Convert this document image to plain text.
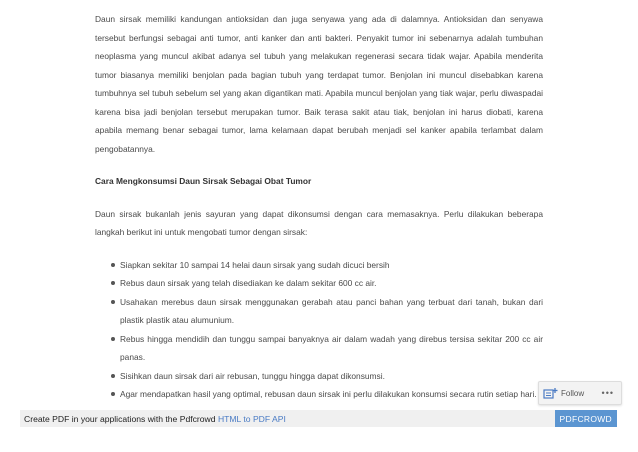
Daun sirsak memiliki kandungan antioksidan dan juga senyawa yang ada di dalamnya. Antioksidan dan senyawa tersebut berfungsi sebagai anti tumor, anti kanker dan anti bakteri. Penyakit tumor ini sebenarnya adalah tumbuhan neoplasma yang muncul akibat adanya sel tubuh yang melakukan regenerasi secara tidak wajar. Apabila menderita tumor biasanya memiliki benjolan pada bagian tubuh yang terdapat tumor. Benjolan ini muncul disebabkan karena tumbuhnya sel tubuh sebelum sel yang akan digantikan mati. Apabila muncul benjolan yang tiak wajar, perlu diwaspadai karena bisa jadi benjolan tersebut merupakan tumor. Baik terasa sakit atau tiak, benjolan ini harus diobati, karena apabila memang benar sebagai tumor, lama kelamaan dapat berubah menjadi sel kanker apabila terlambat dalam pengobatannya.

Cara Mengkonsumsi Daun Sirsak Sebagai Obat Tumor

Daun sirsak bukanlah jenis sayuran yang dapat dikonsumsi dengan cara memasaknya. Perlu dilakukan beberapa langkah berikut ini untuk mengobati tumor dengan sirsak:

Siapkan sekitar 10 sampai 14 helai daun sirsak yang sudah dicuci bersih
Rebus daun sirsak yang telah disediakan ke dalam sekitar 600 cc air.
Usahakan merebus daun sirsak menggunakan gerabah atau panci bahan yang terbuat dari tanah, bukan dari plastik plastik atau alumunium.
Rebus hingga mendidih dan tunggu sampai banyaknya air dalam wadah yang direbus tersisa sekitar 200 cc air panas.
Sisihkan daun sirsak dari air rebusan, tunggu hingga dapat dikonsumsi.
Agar mendapatkan hasil yang optimal, rebusan daun sirsak ini perlu dilakukan konsumsi secara rutin setiap hari.	Follow •••
Create PDF in your applications with the Pdfcrowd HTML to PDF API	PDFCROWD
